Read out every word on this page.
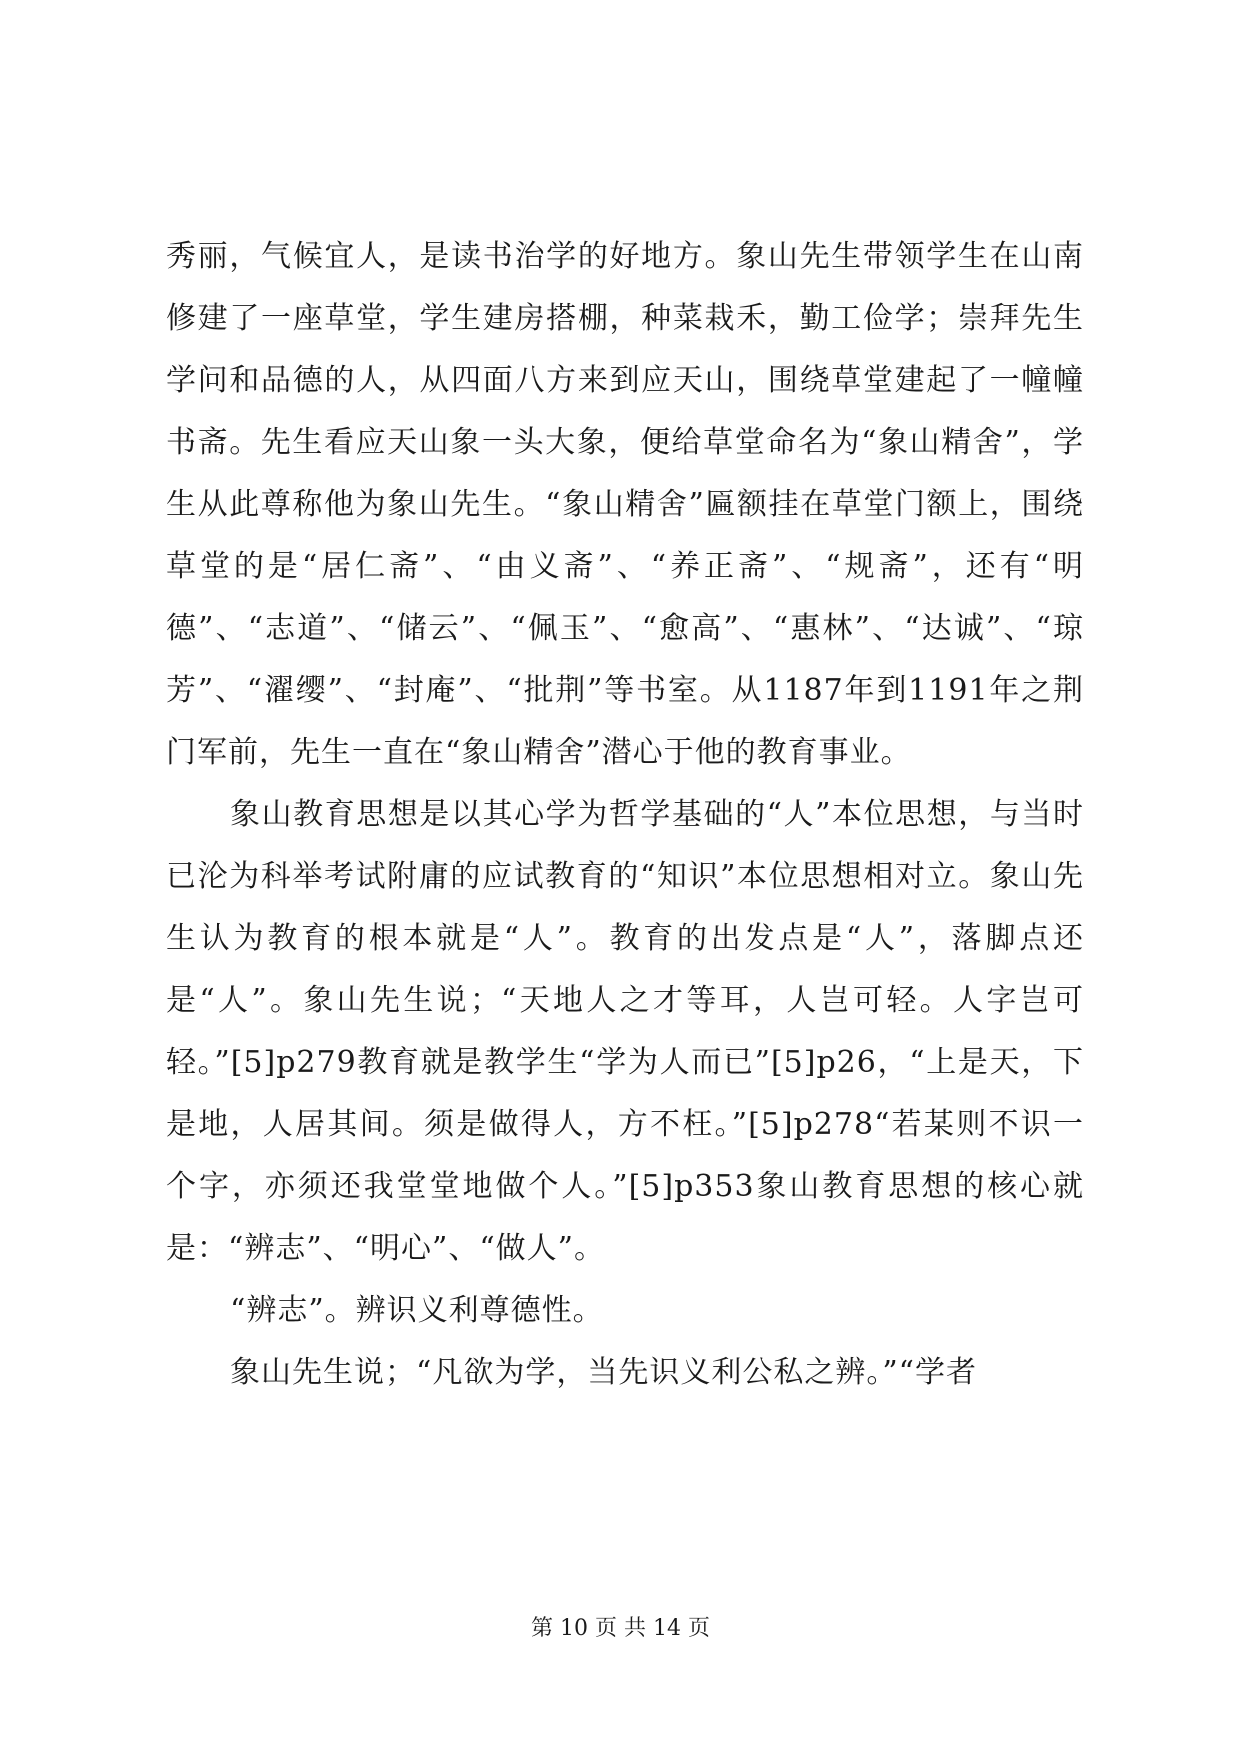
秀丽，气候宜人，是读书治学的好地方。象山先生带领学生在山南修建了一座草堂，学生建房搭棚，种菜栽禾，勤工俭学；崇拜先生学问和品德的人，从四面八方来到应天山，围绕草堂建起了一幢幢书斋。先生看应天山象一头大象，便给草堂命名为“象山精舍”，学生从此尊称他为象山先生。“象山精舍”匾额挂在草堂门额上，围绕草堂的是“居仁斋”、“由义斋”、“养正斋”、“规斋”，还有“明德”、“志道”、“储云”、“佩玉”、“愈高”、“惠林”、“达诚”、“琼芳”、“濯缨”、“封庵”、“批荆”等书室。从1187年到1191年之荆门军前，先生一直在“象山精舍”潜心于他的教育事业。

象山教育思想是以其心学为哲学基础的“人”本位思想，与当时已沦为科举考试附庸的应试教育的“知识”本位思想相对立。象山先生认为教育的根本就是“人”。教育的出发点是“人”，落脚点还是“人”。象山先生说；“天地人之才等耳，人岂可轻。人字岂可轻。”[5]p279教育就是教学生“学为人而已”[5]p26，“上是天，下是地，人居其间。须是做得人，方不枉。”[5]p278“若某则不识一个字，亦须还我堂堂地做个人。”[5]p353象山教育思想的核心就是：“辨志”、“明心”、“做人”。

“辨志”。辨识义利尊德性。

象山先生说；“凡欲为学，当先识义利公私之辨。”“学者

第 10 页 共 14 页
